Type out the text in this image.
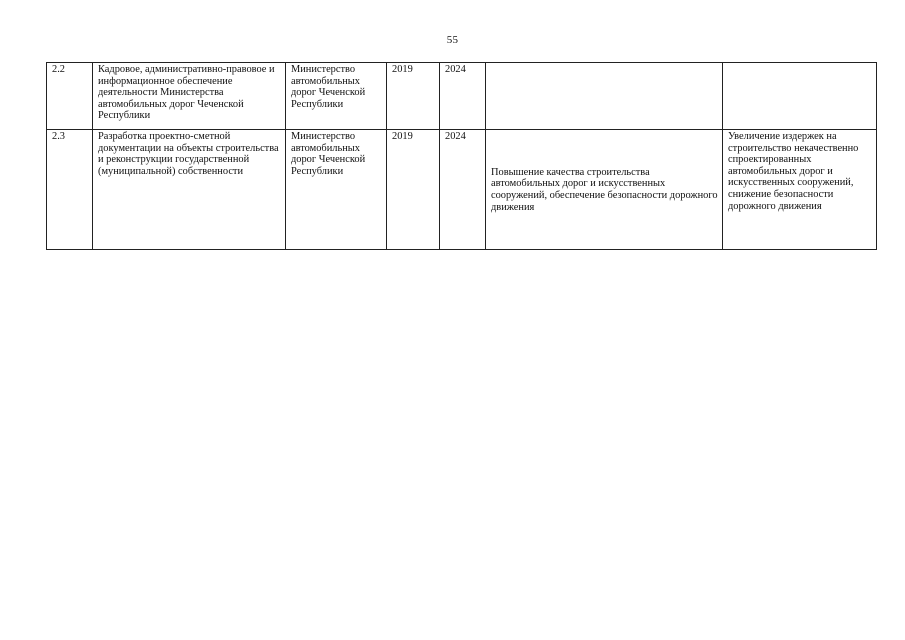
55
2.2	Кадровое, административно-правовое и информационное обеспечение деятельности Министерства автомобильных дорог Чеченской Республики	Министерство автомобильных дорог Чеченской Республики	2019	2024		

2.3	Разработка проектно-сметной документации на объекты строительства и реконструкции государственной (муниципальной) собственности	Министерство автомобильных дорог Чеченской Республики	2019	2024	Повышение качества строительства автомобильных дорог и искусственных сооружений, обеспечение безопасности дорожного движения	Увеличение издержек на строительство некачественно спроектированных автомобильных дорог и искусственных сооружений, снижение безопасности дорожного движения
